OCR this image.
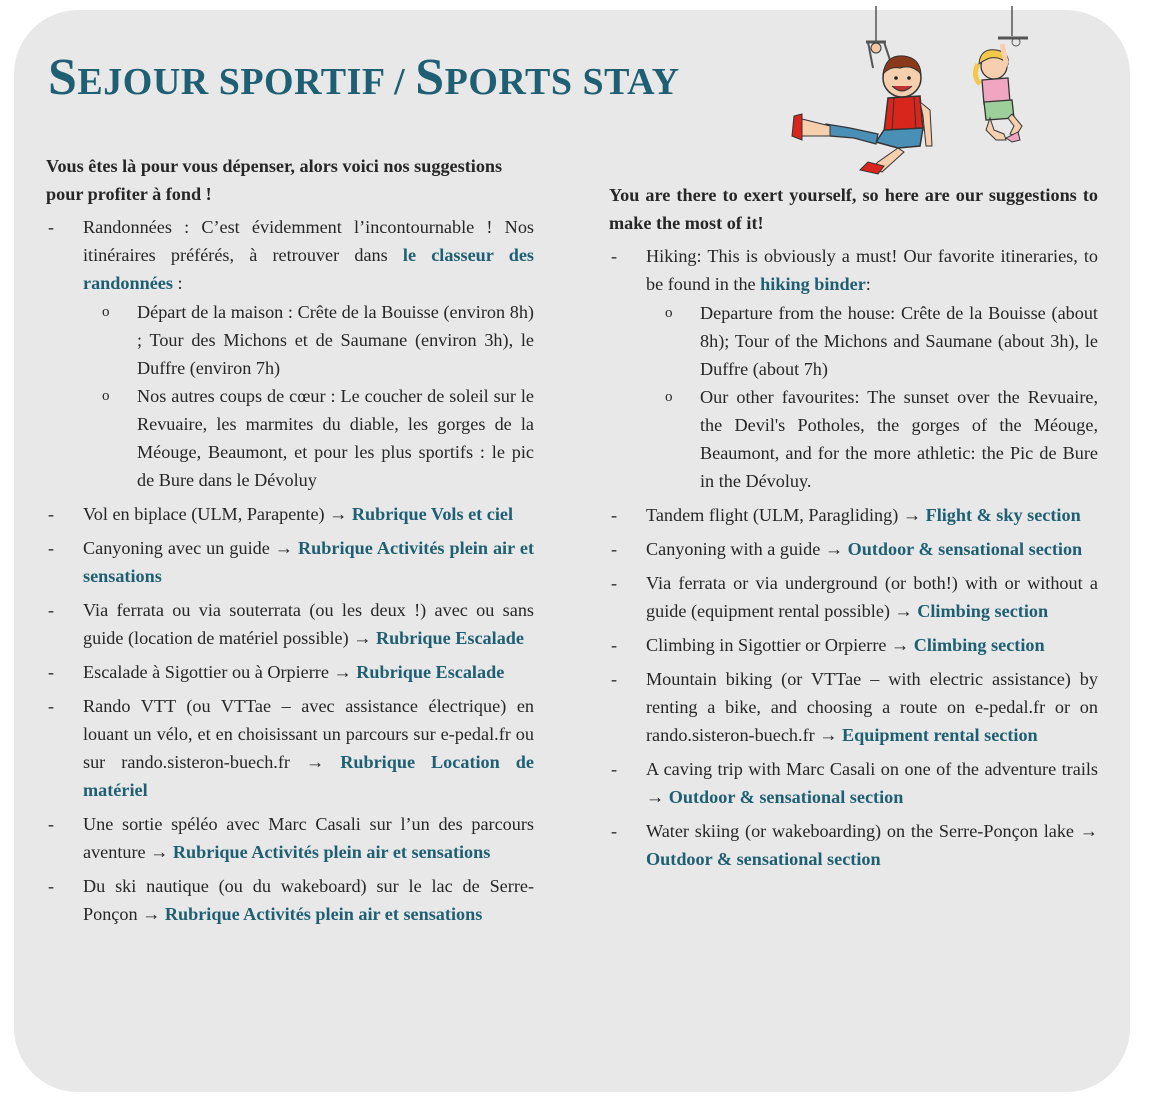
SEJOUR SPORTIF / SPORTS STAY

Vous êtes là pour vous dépenser, alors voici nos suggestions pour profiter à fond !

- Randonnées : C’est évidemment l’incontournable ! Nos itinéraires préférés, à retrouver dans le classeur des randonnées :
o Départ de la maison : Crête de la Bouisse (environ 8h) ; Tour des Michons et de Saumane (environ 3h), le Duffre (environ 7h)
o Nos autres coups de cœur : Le coucher de soleil sur le Revuaire, les marmites du diable, les gorges de la Méouge, Beaumont, et pour les plus sportifs : le pic de Bure dans le Dévoluy
- Vol en biplace (ULM, Parapente) → Rubrique Vols et ciel
- Canyoning avec un guide → Rubrique Activités plein air et sensations
- Via ferrata ou via souterrata (ou les deux !) avec ou sans guide (location de matériel possible) → Rubrique Escalade
- Escalade à Sigottier ou à Orpierre → Rubrique Escalade
- Rando VTT (ou VTTae – avec assistance électrique) en louant un vélo, et en choisissant un parcours sur e-pedal.fr ou sur rando.sisteron-buech.fr → Rubrique Location de matériel
- Une sortie spéléo avec Marc Casali sur l’un des parcours aventure → Rubrique Activités plein air et sensations
- Du ski nautique (ou du wakeboard) sur le lac de Serre-Ponçon → Rubrique Activités plein air et sensations

You are there to exert yourself, so here are our suggestions to make the most of it!

- Hiking: This is obviously a must! Our favorite itineraries, to be found in the hiking binder:
o Departure from the house: Crête de la Bouisse (about 8h); Tour of the Michons and Saumane (about 3h), le Duffre (about 7h)
o Our other favourites: The sunset over the Revuaire, the Devil's Potholes, the gorges of the Méouge, Beaumont, and for the more athletic: the Pic de Bure in the Dévoluy.
- Tandem flight (ULM, Paragliding) → Flight & sky section
- Canyoning with a guide → Outdoor & sensational section
- Via ferrata or via underground (or both!) with or without a guide (equipment rental possible) → Climbing section
- Climbing in Sigottier or Orpierre → Climbing section
- Mountain biking (or VTTae – with electric assistance) by renting a bike, and choosing a route on e-pedal.fr or on rando.sisteron-buech.fr → Equipment rental section
- A caving trip with Marc Casali on one of the adventure trails → Outdoor & sensational section
- Water skiing (or wakeboarding) on the Serre-Ponçon lake → Outdoor & sensational section
